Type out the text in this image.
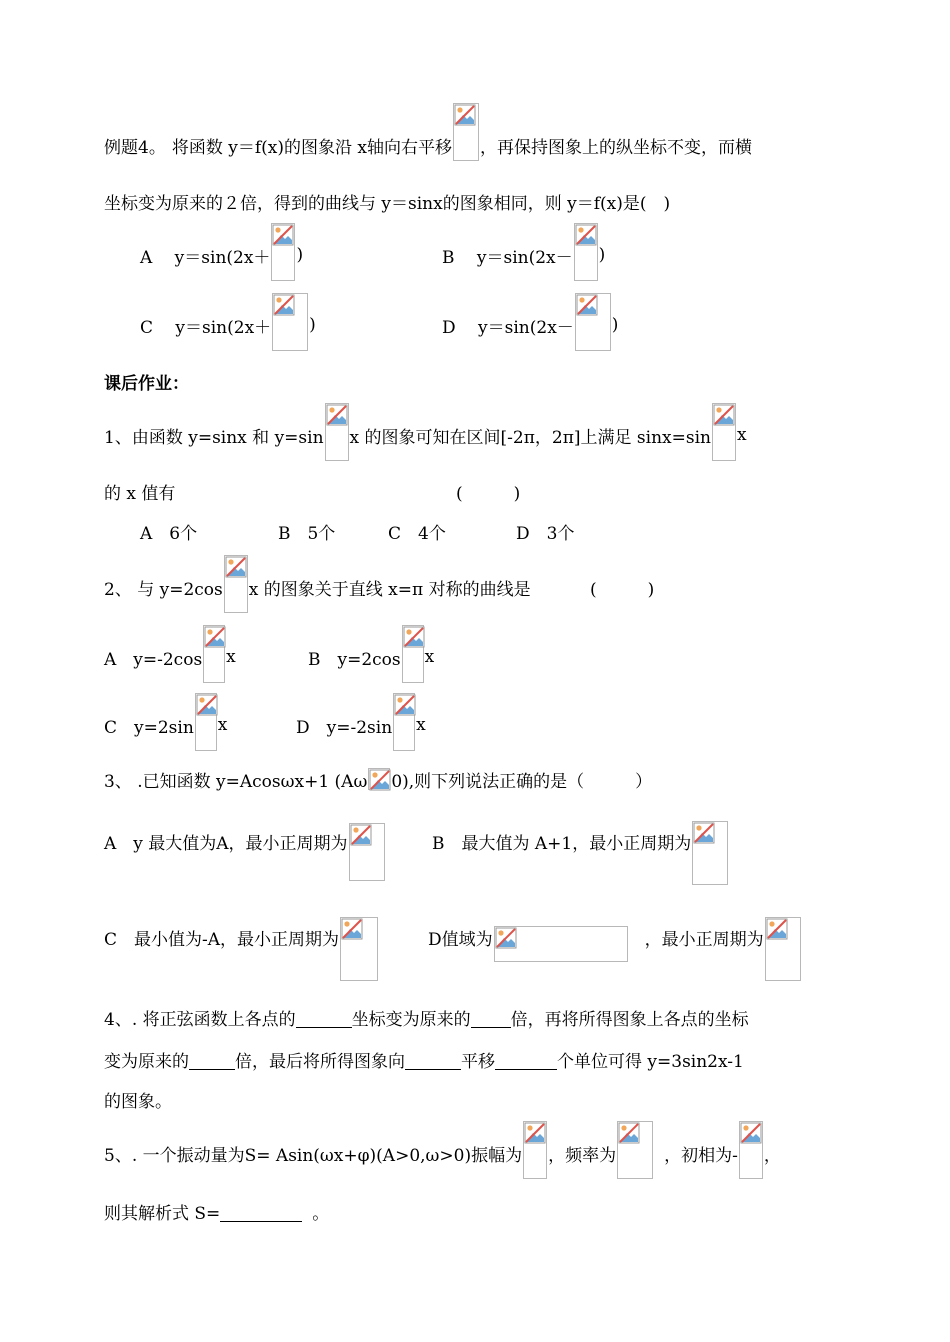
例题4。 将函数 y＝f(x)的图象沿 x轴向右平移 ，再保持图象上的纵坐标不变，而横
坐标变为原来的２倍，得到的曲线与 y＝sinx的图象相同，则 y＝f(x)是(　)
A　 y＝sin(2x＋ )	B　 y＝sin(2x－ )
C　 y＝sin(2x＋ )	D　 y＝sin(2x－ )
课后作业：
1、由函数 y=sinx 和 y=sin x 的图象可知在区间[-2π，2π]上满足 sinx=sin x
的 x 值有	(　　　)
A　6个	B　5个	C　4个	D　3个
2、 与 y=2cos x 的图象关于直线 x=π 对称的曲线是	(　　　)
A　y=-2cos x	B　y=2cos x
C　y=2sin x	D　y=-2sin x
3、 .已知函数 y=Acosωx+1 (Aω 0),则下列说法正确的是（　　　）
A　y 最大值为A，最小正周期为	B　最大值为 A+1，最小正周期为
C　最小值为-A，最小正周期为	D值域为	，最小正周期为
4、. 将正弦函数上各点的	坐标变为原来的 倍，再将所得图象上各点的坐标
变为原来的	倍，最后将所得图象向	平移	个单位可得 y=3sin2x-1
的图象。
5、. 一个振动量为S= Asin(ωx+φ)(A>0,ω>0)振幅为 ，频率为	，初相为- ，
则其解析式 S=	。
